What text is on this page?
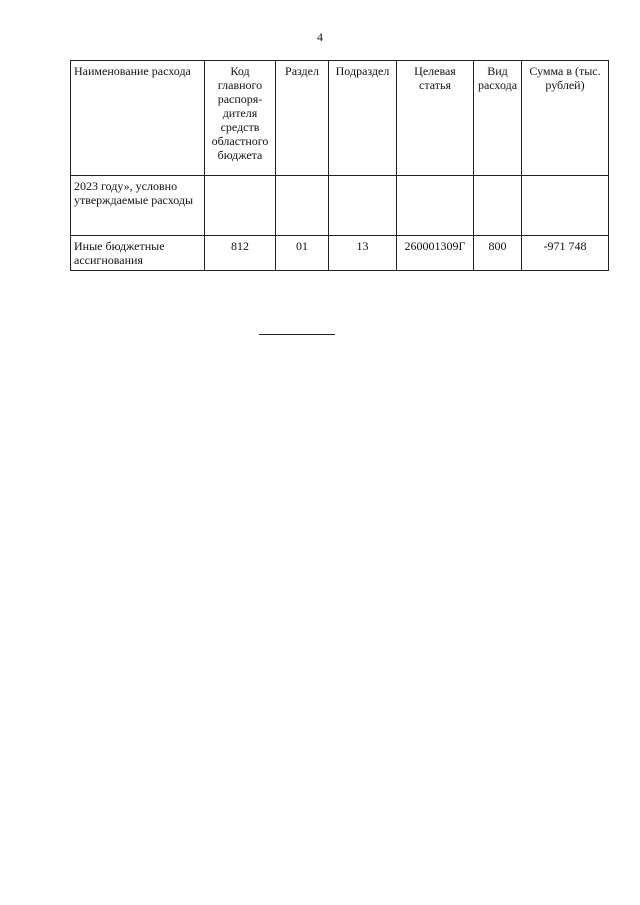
4
Наименование расхода	Код главного распоря-дителя средств областного бюджета	Раздел	Подраздел	Целевая статья	Вид расхода	Сумма в (тыс. рублей)
2023 году», условно утверждаемые расходы						
Иные бюджетные ассигнования	812	01	13	260001309Г	800	-971 748
